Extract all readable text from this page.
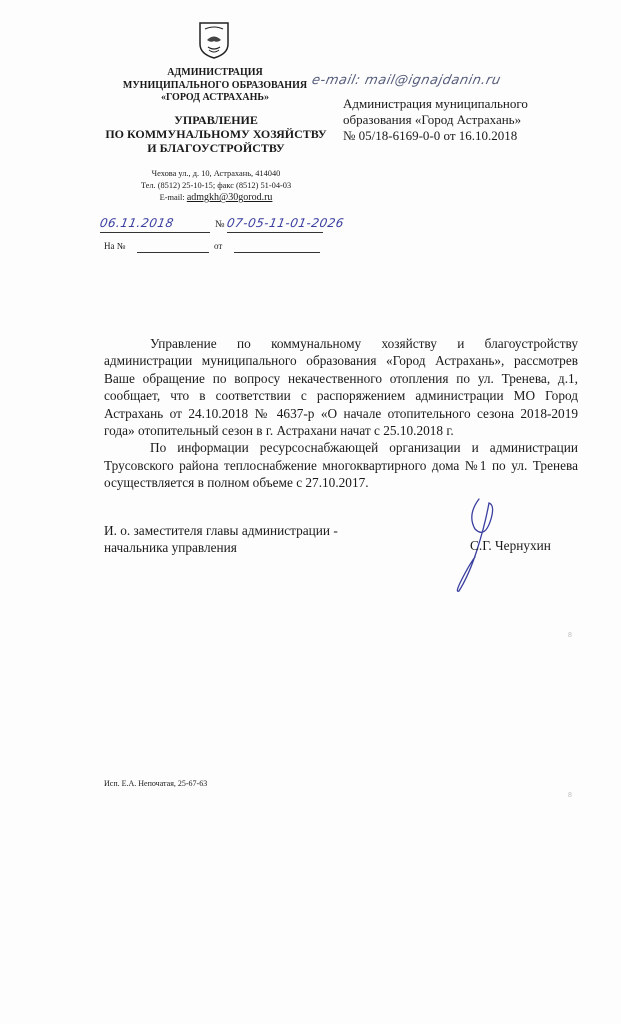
АДМИНИСТРАЦИЯ
МУНИЦИПАЛЬНОГО ОБРАЗОВАНИЯ
«ГОРОД АСТРАХАНЬ»
УПРАВЛЕНИЕ
ПО КОММУНАЛЬНОМУ ХОЗЯЙСТВУ
И БЛАГОУСТРОЙСТВУ
Чехова ул., д. 10, Астрахань, 414040
Тел. (8512) 25-10-15; факс (8512) 51-04-03
E-mail: admgkh@30gorod.ru
06.11.2018	№ 07-05-11-01-2026
На №	от
e-mail: mail@ignajdanin.ru
Администрация муниципального
образования «Город Астрахань»
№ 05/18-6169-0-0 от 16.10.2018

Управление по коммунальному хозяйству и благоустройству администрации муниципального образования «Город Астрахань», рассмотрев Ваше обращение по вопросу некачественного отопления по ул. Тренева, д.1, сообщает, что в соответствии с распоряжением администрации МО Город Астрахань от 24.10.2018 № 4637-р «О начале отопительного сезона 2018-2019 года» отопительный сезон в г. Астрахани начат с 25.10.2018 г.

По информации ресурсоснабжающей организации и администрации Трусовского района теплоснабжение многоквартирного дома №1 по ул. Тренева осуществляется в полном объеме с 27.10.2017.

И. о. заместителя главы администрации -
начальника управления	С.Г. Чернухин
Исп. Е.А. Непочатая, 25-67-63
8
8
